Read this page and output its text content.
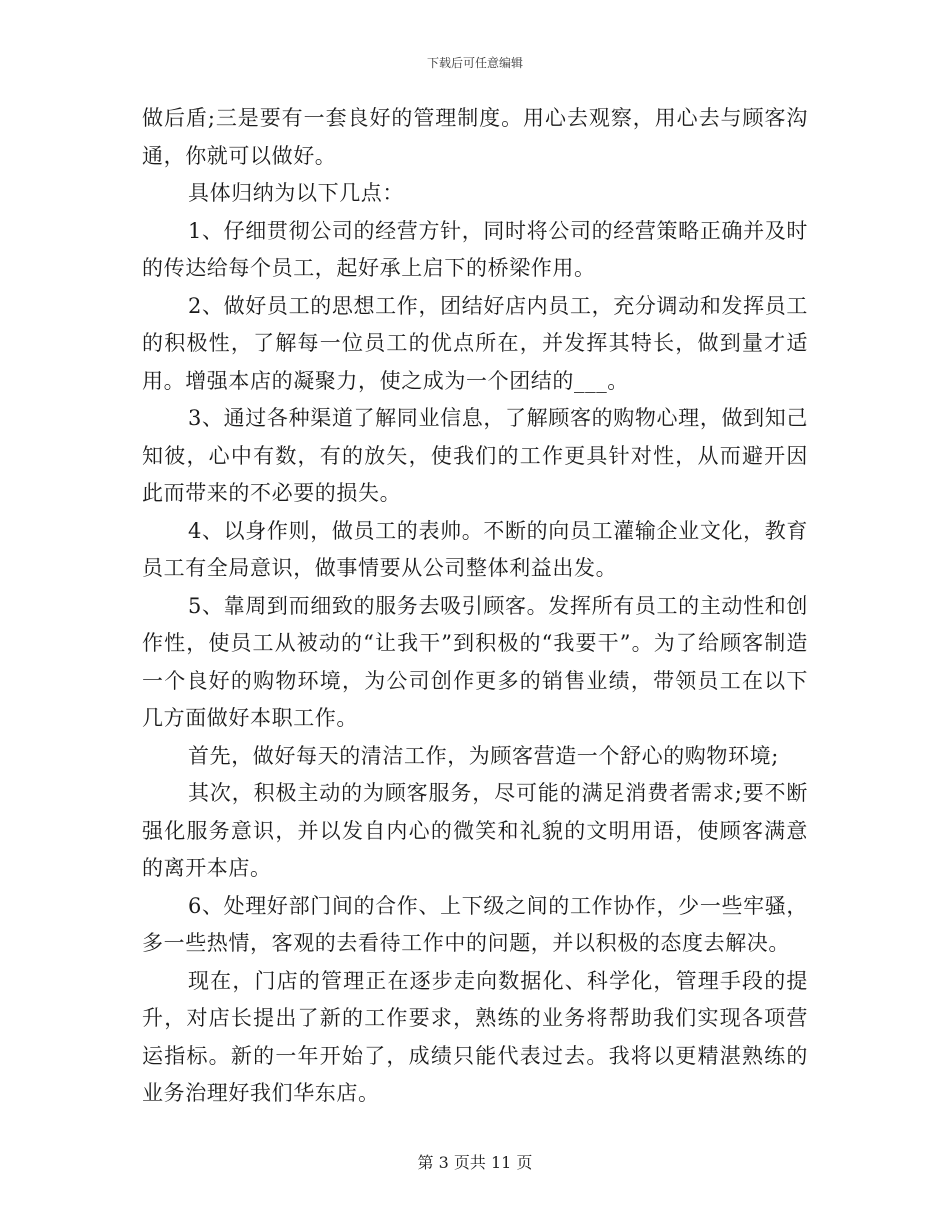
下载后可任意编辑

做后盾;三是要有一套良好的管理制度。用心去观察，用心去与顾客沟通，你就可以做好。

具体归纳为以下几点：

1、仔细贯彻公司的经营方针，同时将公司的经营策略正确并及时的传达给每个员工，起好承上启下的桥梁作用。

2、做好员工的思想工作，团结好店内员工，充分调动和发挥员工的积极性，了解每一位员工的优点所在，并发挥其特长，做到量才适用。增强本店的凝聚力，使之成为一个团结的___。

3、通过各种渠道了解同业信息，了解顾客的购物心理，做到知己知彼，心中有数，有的放矢，使我们的工作更具针对性，从而避开因此而带来的不必要的损失。

4、以身作则，做员工的表帅。不断的向员工灌输企业文化，教育员工有全局意识，做事情要从公司整体利益出发。

5、靠周到而细致的服务去吸引顾客。发挥所有员工的主动性和创作性，使员工从被动的“让我干”到积极的“我要干”。为了给顾客制造一个良好的购物环境，为公司创作更多的销售业绩，带领员工在以下几方面做好本职工作。

首先，做好每天的清洁工作，为顾客营造一个舒心的购物环境;

其次，积极主动的为顾客服务，尽可能的满足消费者需求;要不断强化服务意识，并以发自内心的微笑和礼貌的文明用语，使顾客满意的离开本店。

6、处理好部门间的合作、上下级之间的工作协作，少一些牢骚，多一些热情，客观的去看待工作中的问题，并以积极的态度去解决。

现在，门店的管理正在逐步走向数据化、科学化，管理手段的提升，对店长提出了新的工作要求，熟练的业务将帮助我们实现各项营运指标。新的一年开始了，成绩只能代表过去。我将以更精湛熟练的业务治理好我们华东店。

第 3 页共 11 页
